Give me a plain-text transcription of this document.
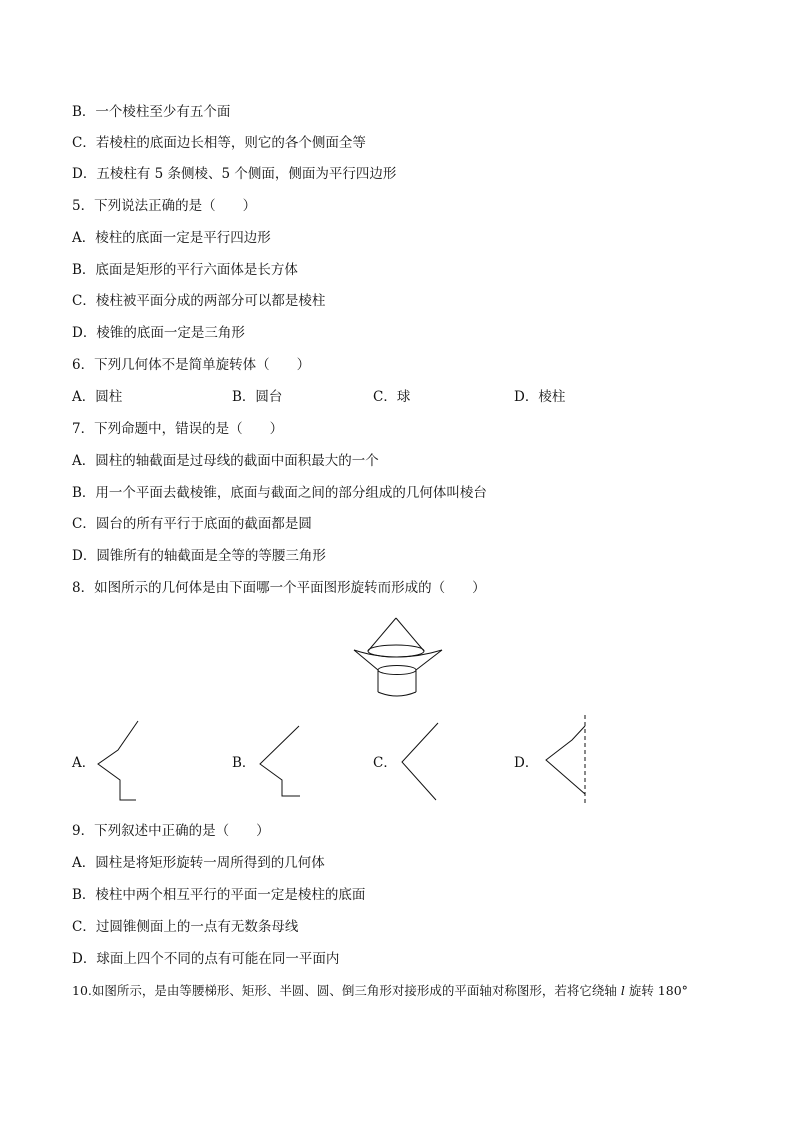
B．一个棱柱至少有五个面
C．若棱柱的底面边长相等，则它的各个侧面全等
D．五棱柱有 5 条侧棱、5 个侧面，侧面为平行四边形
5．下列说法正确的是（　　）
A．棱柱的底面一定是平行四边形
B．底面是矩形的平行六面体是长方体
C．棱柱被平面分成的两部分可以都是棱柱
D．棱锥的底面一定是三角形
6．下列几何体不是简单旋转体（　　）
A．圆柱	B．圆台	C．球	D．棱柱
7．下列命题中，错误的是（　　）
A．圆柱的轴截面是过母线的截面中面积最大的一个
B．用一个平面去截棱锥，底面与截面之间的部分组成的几何体叫棱台
C．圆台的所有平行于底面的截面都是圆
D．圆锥所有的轴截面是全等的等腰三角形
8．如图所示的几何体是由下面哪一个平面图形旋转而形成的（　　）
A．	B．	C．	D．
9．下列叙述中正确的是（　　）
A．圆柱是将矩形旋转一周所得到的几何体
B．棱柱中两个相互平行的平面一定是棱柱的底面
C．过圆锥侧面上的一点有无数条母线
D．球面上四个不同的点有可能在同一平面内
10.如图所示，是由等腰梯形、矩形、半圆、圆、倒三角形对接形成的平面轴对称图形，若将它绕轴 l 旋转 180°
